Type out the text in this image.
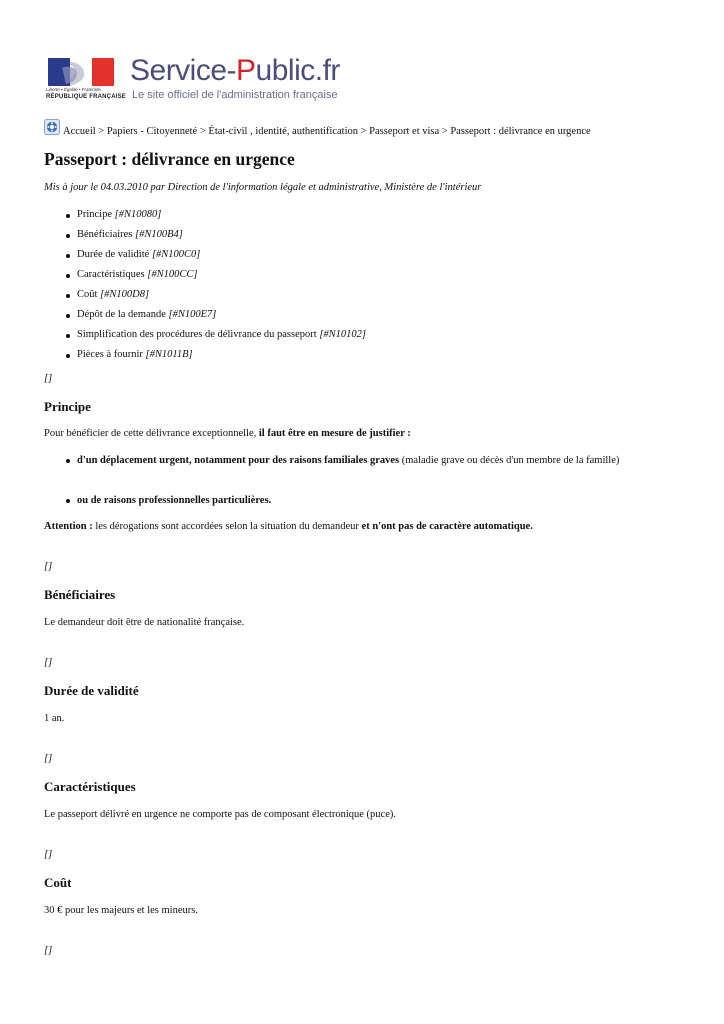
Liberté • Égalité • Fraternité
RÉPUBLIQUE FRANÇAISE
Service-Public.fr
Le site officiel de l'administration française
Accueil > Papiers - Citoyenneté > État-civil , identité, authentification > Passeport et visa > Passeport : délivrance en urgence
Passeport : délivrance en urgence
Mis à jour le 04.03.2010 par Direction de l'information légale et administrative, Ministère de l'intérieur
Principe [#N10080]
Bénéficiaires [#N100B4]
Durée de validité [#N100C0]
Caractéristiques [#N100CC]
Coût [#N100D8]
Dépôt de la demande [#N100E7]
Simplification des procédures de délivrance du passeport [#N10102]
Pièces à fournir [#N1011B]
[]
Principe
Pour bénéficier de cette délivrance exceptionnelle, il faut être en mesure de justifier :
d'un déplacement urgent, notamment pour des raisons familiales graves (maladie grave ou décès d'un membre de la famille)
ou de raisons professionnelles particulières.
Attention : les dérogations sont accordées selon la situation du demandeur et n'ont pas de caractère automatique.
[]
Bénéficiaires
Le demandeur doit être de nationalité française.
[]
Durée de validité
1 an.
[]
Caractéristiques
Le passeport délivré en urgence ne comporte pas de composant électronique (puce).
[]
Coût
30 € pour les majeurs et les mineurs.
[]
